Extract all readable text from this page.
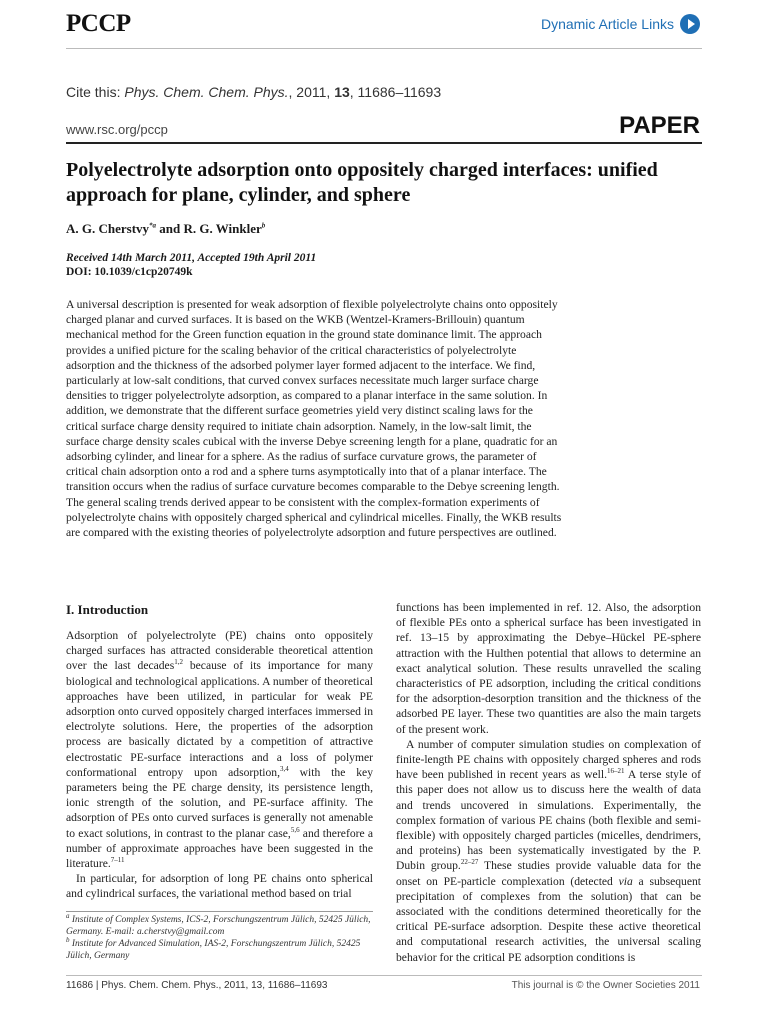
PCCP	Dynamic Article Links
Cite this: Phys. Chem. Chem. Phys., 2011, 13, 11686–11693
www.rsc.org/pccp	PAPER
Polyelectrolyte adsorption onto oppositely charged interfaces: unified approach for plane, cylinder, and sphere
A. G. Cherstvy$^{*a}$ and R. G. Winkler$^b$
Received 14th March 2011, Accepted 19th April 2011
DOI: 10.1039/c1cp20749k
A universal description is presented for weak adsorption of flexible polyelectrolyte chains onto oppositely charged planar and curved surfaces. It is based on the WKB (Wentzel-Kramers-Brillouin) quantum mechanical method for the Green function equation in the ground state dominance limit. The approach provides a unified picture for the scaling behavior of the critical characteristics of polyelectrolyte adsorption and the thickness of the adsorbed polymer layer formed adjacent to the interface. We find, particularly at low-salt conditions, that curved convex surfaces necessitate much larger surface charge densities to trigger polyelectrolyte adsorption, as compared to a planar interface in the same solution. In addition, we demonstrate that the different surface geometries yield very distinct scaling laws for the critical surface charge density required to initiate chain adsorption. Namely, in the low-salt limit, the surface charge density scales cubical with the inverse Debye screening length for a plane, quadratic for an adsorbing cylinder, and linear for a sphere. As the radius of surface curvature grows, the parameter of critical chain adsorption onto a rod and a sphere turns asymptotically into that of a planar interface. The transition occurs when the radius of surface curvature becomes comparable to the Debye screening length. The general scaling trends derived appear to be consistent with the complex-formation experiments of polyelectrolyte chains with oppositely charged spherical and cylindrical micelles. Finally, the WKB results are compared with the existing theories of polyelectrolyte adsorption and future perspectives are outlined.
I. Introduction
Adsorption of polyelectrolyte (PE) chains onto oppositely charged surfaces has attracted considerable theoretical attention over the last decades$^{1,2}$ because of its importance for many biological and technological applications. A number of theoretical approaches have been utilized, in particular for weak PE adsorption onto curved oppositely charged interfaces immersed in electrolyte solutions. Here, the properties of the adsorption process are basically dictated by a competition of attractive electrostatic PE-surface interactions and a loss of polymer conformational entropy upon adsorption,$^{3,4}$ with the key parameters being the PE charge density, its persistence length, ionic strength of the solution, and PE-surface affinity. The adsorption of PEs onto curved surfaces is generally not amenable to exact solutions, in contrast to the planar case,$^{5,6}$ and therefore a number of approximate approaches have been suggested in the literature.$^{7-11}$
In particular, for adsorption of long PE chains onto spherical and cylindrical surfaces, the variational method based on trial
functions has been implemented in ref. 12. Also, the adsorption of flexible PEs onto a spherical surface has been investigated in ref. 13–15 by approximating the Debye–Hückel PE-sphere attraction with the Hulthen potential that allows to determine an exact analytical solution. These results unravelled the scaling characteristics of PE adsorption, including the critical conditions for the adsorption-desorption transition and the thickness of the adsorbed PE layer. These two quantities are also the main targets of the present work.
A number of computer simulation studies on complexation of finite-length PE chains with oppositely charged spheres and rods have been published in recent years as well.$^{16-21}$ A terse style of this paper does not allow us to discuss here the wealth of data and trends uncovered in simulations. Experimentally, the complex formation of various PE chains (both flexible and semi-flexible) with oppositely charged particles (micelles, dendrimers, and proteins) has been systematically investigated by the P. Dubin group.$^{22-27}$ These studies provide valuable data for the onset on PE-particle complexation (detected via a subsequent precipitation of complexes from the solution) that can be associated with the conditions determined theoretically for the critical PE-surface adsorption. Despite these active theoretical and computational research activities, the universal scaling behavior for the critical PE adsorption conditions is
$^a$ Institute of Complex Systems, ICS-2, Forschungszentrum Jülich, 52425 Jülich, Germany. E-mail: a.cherstvy@gmail.com
$^b$ Institute for Advanced Simulation, IAS-2, Forschungszentrum Jülich, 52425 Jülich, Germany
11686 | Phys. Chem. Chem. Phys., 2011, 13, 11686–11693	This journal is © the Owner Societies 2011
